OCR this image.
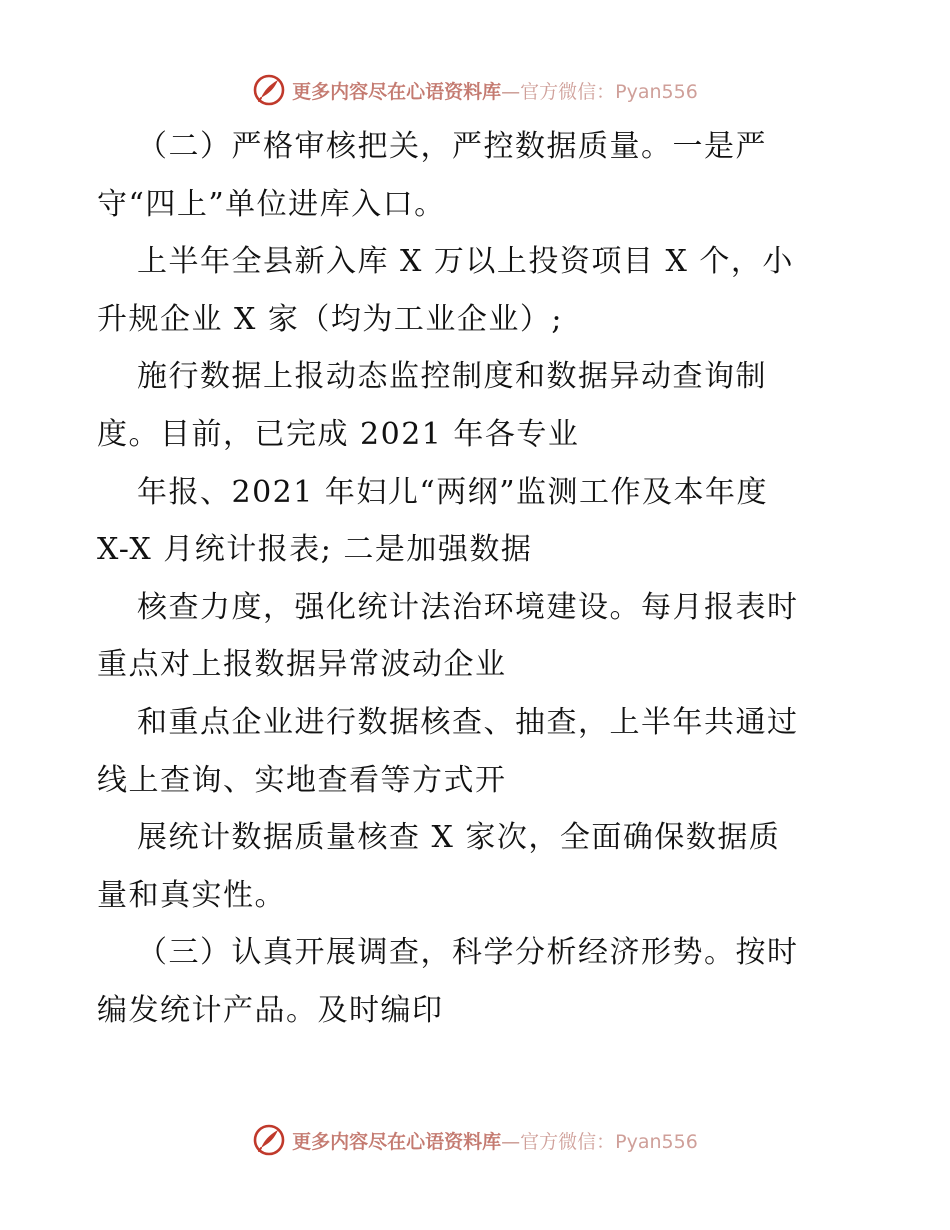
更多内容尽在心语资料库—官方微信：Pyan556
（二）严格审核把关，严控数据质量。一是严
守“四上”单位进库入口。
上半年全县新入库 X 万以上投资项目 X 个，小
升规企业 X 家（均为工业企业）;
施行数据上报动态监控制度和数据异动查询制
度。目前，已完成 2021 年各专业
年报、2021 年妇儿“两纲”监测工作及本年度
X-X 月统计报表; 二是加强数据
核查力度，强化统计法治环境建设。每月报表时
重点对上报数据异常波动企业
和重点企业进行数据核查、抽查，上半年共通过
线上查询、实地查看等方式开
展统计数据质量核查 X 家次，全面确保数据质
量和真实性。
（三）认真开展调查，科学分析经济形势。按时
编发统计产品。及时编印
更多内容尽在心语资料库—官方微信：Pyan556
